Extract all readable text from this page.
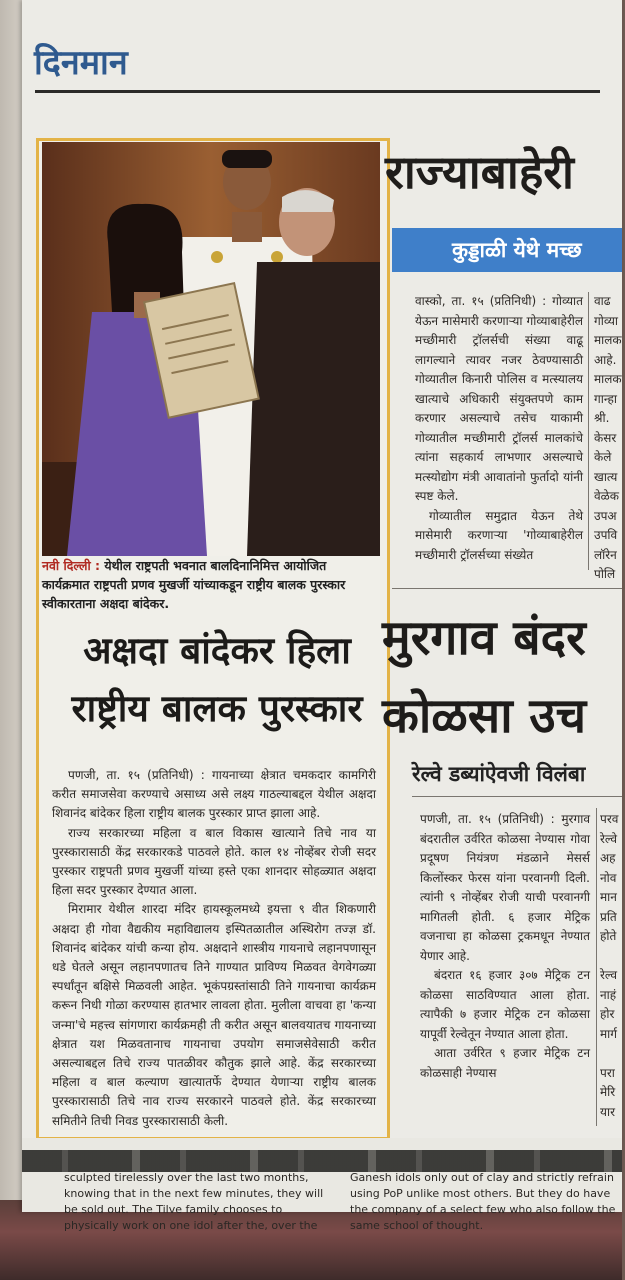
दिनमान
नवी दिल्ली : येथील राष्ट्रपती भवनात बालदिनानिमित्त आयोजित कार्यक्रमात राष्ट्रपती प्रणव मुखर्जी यांच्याकडून राष्ट्रीय बालक पुरस्कार स्वीकारताना अक्षदा बांदेकर.
अक्षदा बांदेकर हिला राष्ट्रीय बालक पुरस्कार

पणजी, ता. १५ (प्रतिनिधी) : गायनाच्या क्षेत्रात चमकदार कामगिरी करीत समाजसेवा करण्याचे असाध्य असे लक्ष्य गाठल्याबद्दल येथील अक्षदा शिवानंद बांदेकर हिला राष्ट्रीय बालक पुरस्कार प्राप्त झाला आहे.

राज्य सरकारच्या महिला व बाल विकास खात्याने तिचे नाव या पुरस्कारासाठी केंद्र सरकारकडे पाठवले होते. काल १४ नोव्हेंबर रोजी सदर पुरस्कार राष्ट्रपती प्रणव मुखर्जी यांच्या हस्ते एका शानदार सोहळ्यात अक्षदा हिला सदर पुरस्कार देण्यात आला.

मिरामार येथील शारदा मंदिर हायस्कूलमध्ये इयत्ता ९ वीत शिकणारी अक्षदा ही गोवा वैद्यकीय महाविद्यालय इस्पितळातील अस्थिरोग तज्ज्ञ डॉ. शिवानंद बांदेकर यांची कन्या होय. अक्षदाने शास्त्रीय गायनाचे लहानपणासून धडे घेतले असून लहानपणातच तिने गाण्यात प्राविण्य मिळवत वेगवेगळ्या स्पर्धांतून बक्षिसे मिळवली आहेत. भूकंपग्रस्तांसाठी तिने गायनाचा कार्यक्रम करून निधी गोळा करण्यास हातभार लावला होता. मुलीला वाचवा हा 'कन्या जन्मा'चे महत्त्व सांगणारा कार्यक्रमही ती करीत असून बालवयातच गायनाच्या क्षेत्रात यश मिळवतानाच गायनाचा उपयोग समाजसेवेसाठी करीत असल्याबद्दल तिचे राज्य पातळीवर कौतुक झाले आहे. केंद्र सरकारच्या महिला व बाल कल्याण खात्यातर्फे देण्यात येणाऱ्या राष्ट्रीय बालक पुरस्कारासाठी तिचे नाव राज्य सरकारने पाठवले होते. केंद्र सरकारच्या समितीने तिची निवड पुरस्कारासाठी केली.

राज्याबाहेरी
कुड्डाळी येथे मच्छ

वास्को, ता. १५ (प्रतिनिधी) : गोव्यात येऊन मासेमारी करणाऱ्या गोव्याबाहेरील मच्छीमारी ट्रॉलर्सची संख्या वाढू लागल्याने त्यावर नजर ठेवण्यासाठी गोव्यातील किनारी पोलिस व मत्स्यालय खात्याचे अधिकारी संयुक्तपणे काम करणार असल्याचे तसेच याकामी गोव्यातील मच्छीमारी ट्रॉलर्स मालकांचे त्यांना सहकार्य लाभणार असल्याचे मत्स्योद्योग मंत्री आवातांनो फुर्तादो यांनी स्पष्ट केले.

गोव्यातील समुद्रात येऊन तेथे मासेमारी करणाऱ्या 'गोव्याबाहेरील मच्छीमारी ट्रॉलर्सच्या संख्येत

वाढ
गोव्या
मालक
आहे.
मालक
गान्हा
श्री.
केसर
केले
खात्य
वेळेक
उपअ
उपवि
लॉरेन
पोलि
मुरगाव बंदर
कोळसा उच
रेल्वे डब्यांऐवजी विलंबा

पणजी, ता. १५ (प्रतिनिधी) : मुरगाव बंदरातील उर्वरित कोळसा नेण्यास गोवा प्रदूषण नियंत्रण मंडळाने मेसर्स किलोंस्कर फेरस यांना परवानगी दिली. त्यांनी ९ नोव्हेंबर रोजी याची परवानगी मागितली होती. ६ हजार मेट्रिक वजनाचा हा कोळसा ट्रकमधून नेण्यात येणार आहे.

बंदरात १६ हजार ३०७ मेट्रिक टन कोळसा साठविण्यात आला होता. त्यापैकी ७ हजार मेट्रिक टन कोळसा यापूर्वी रेल्वेतून नेण्यात आला होता.

आता उर्वरित ९ हजार मेट्रिक टन कोळसाही नेण्यास

परव
रेल्वे
अह
नोव
मान
प्रति
होते
रेल्व
नाहं
होर
मार्ग
परा
मेरि
यार
sculpted tirelessly over the last two months, knowing that in the next few minutes, they will be sold out. The Tilve family chooses to physically work on one idol after the, over the
Ganesh idols only out of clay and strictly refrain using PoP unlike most others. But they do have the company of a select few who also follow the same school of thought.
